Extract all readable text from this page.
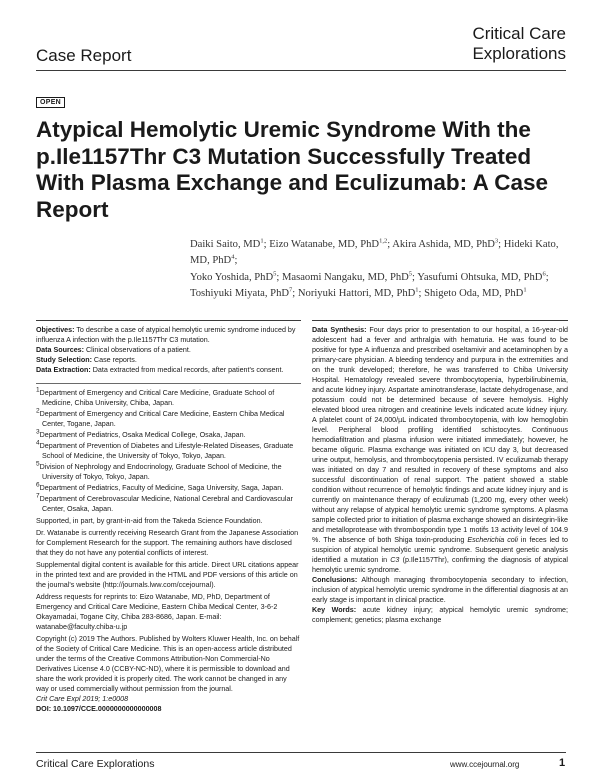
Case Report
Critical Care
Explorations
OPEN
Atypical Hemolytic Uremic Syndrome With the p.Ile1157Thr C3 Mutation Successfully Treated With Plasma Exchange and Eculizumab: A Case Report
Daiki Saito, $MD^1$; Eizo Watanabe, MD, PhD$^{1,2}$; Akira Ashida, MD, PhD$^3$; Hideki Kato, MD, PhD$^4$;
Yoko Yoshida, PhD$^5$; Masaomi Nangaku, MD, PhD$^5$; Yasufumi Ohtsuka, MD, PhD$^6$;
Toshiyuki Miyata, PhD$^7$; Noriyuki Hattori, MD, PhD$^1$; Shigeto Oda, MD, PhD$^1$

Objectives: To describe a case of atypical hemolytic uremic syndrome induced by influenza A infection with the p.Ile1157Thr C3 mutation.

Data Sources: Clinical observations of a patient.

Study Selection: Case reports.

Data Extraction: Data extracted from medical records, after patient's consent.

1Department of Emergency and Critical Care Medicine, Graduate School of Medicine, Chiba University, Chiba, Japan.

2Department of Emergency and Critical Care Medicine, Eastern Chiba Medical Center, Togane, Japan.

3Department of Pediatrics, Osaka Medical College, Osaka, Japan.

4Department of Prevention of Diabetes and Lifestyle-Related Diseases, Graduate School of Medicine, the University of Tokyo, Tokyo, Japan.

5Division of Nephrology and Endocrinology, Graduate School of Medicine, the University of Tokyo, Tokyo, Japan.

6Department of Pediatrics, Faculty of Medicine, Saga University, Saga, Japan.

7Department of Cerebrovascular Medicine, National Cerebral and Cardiovascular Center, Osaka, Japan.

Supported, in part, by grant-in-aid from the Takeda Science Foundation.

Dr. Watanabe is currently receiving Research Grant from the Japanese Association for Complement Research for the support. The remaining authors have disclosed that they do not have any potential conflicts of interest.

Supplemental digital content is available for this article. Direct URL citations appear in the printed text and are provided in the HTML and PDF versions of this article on the journal's website (http://journals.lww.com/ccejournal).

Address requests for reprints to: Eizo Watanabe, MD, PhD, Department of Emergency and Critical Care Medicine, Eastern Chiba Medical Center, 3-6-2 Okayamadai, Togane City, Chiba 283-8686, Japan. E-mail: watanabe@faculty.chiba-u.jp

Copyright (c) 2019 The Authors. Published by Wolters Kluwer Health, Inc. on behalf of the Society of Critical Care Medicine. This is an open-access article distributed under the terms of the Creative Commons Attribution-Non Commercial-No Derivatives License 4.0 (CCBY-NC-ND), where it is permissible to download and share the work provided it is properly cited. The work cannot be changed in any way or used commercially without permission from the journal.

Crit Care Expl 2019; 1:e0008

DOI: 10.1097/CCE.0000000000000008

Data Synthesis: Four days prior to presentation to our hospital, a 16-year-old adolescent had a fever and arthralgia with hematuria. He was found to be positive for type A influenza and prescribed oseltamivir and acetaminophen by a primary-care physician. A bleeding tendency and purpura in the extremities and on the trunk developed; therefore, he was transferred to Chiba University Hospital. Hematology revealed severe thrombocytopenia, hyperbilirubinemia, and acute kidney injury. Aspartate aminotransferase, lactate dehydrogenase, and potassium could not be determined because of severe hemolysis. Highly elevated blood urea nitrogen and creatinine levels indicated acute kidney injury. A platelet count of 24,000/µL indicated thrombocytopenia, with low hemoglobin level. Peripheral blood profiling identified schistocytes. Continuous hemodiafiltration and plasma infusion were initiated immediately; however, he became oliguric. Plasma exchange was initiated on ICU day 3, but decreased urine output, hemolysis, and thrombocytopenia persisted. IV eculizumab therapy was initiated on day 7 and resulted in recovery of these symptoms and also successful discontinuation of renal support. The patient showed a stable condition without recurrence of hemolytic findings and acute kidney injury and is currently on maintenance therapy of eculizumab (1,200 mg, every other week) without any relapse of atypical hemolytic uremic syndrome symptoms. A plasma sample collected prior to initiation of plasma exchange showed an disintegrin-like and metalloprotease with thrombospondin type 1 motifs 13 activity level of 104.9 %. The absence of both Shiga toxin-producing Escherichia coli in feces led to suspicion of atypical hemolytic uremic syndrome. Subsequent genetic analysis identified a mutation in C3 (p.Ile1157Thr), confirming the diagnosis of atypical hemolytic uremic syndrome.

Conclusions: Although managing thrombocytopenia secondary to infection, inclusion of atypical hemolytic uremic syndrome in the differential diagnosis at an early stage is important in clinical practice.

Key Words: acute kidney injury; atypical hemolytic uremic syndrome; complement; genetics; plasma exchange

Critical Care Explorations	www.ccejournal.org	1
